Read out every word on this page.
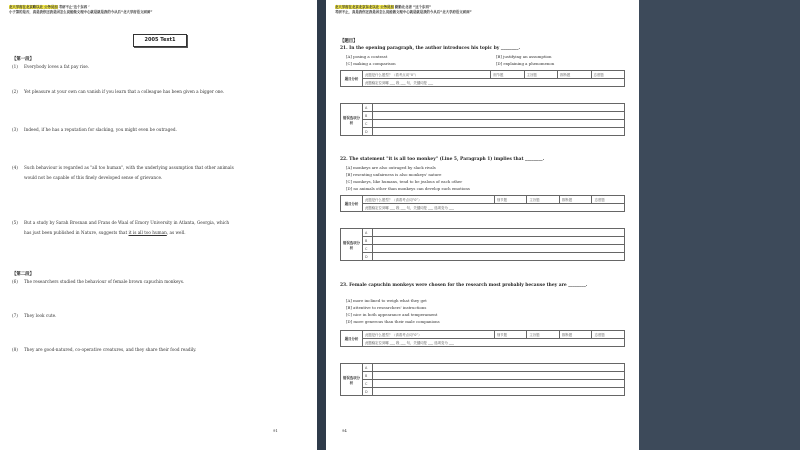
北大学府在北京路以北 公务员加 考研不止‘这个东西 ’
小子第的是否，真是我你还我是因怎么说能做文理中心就是就是我的今从后“北大学府语文面面”
2005 Text1
【第一段】
(1) Everybody loves a fat pay rise.
(2) Yet pleasure at your own can vanish if you learn that a colleague has been given a bigger one.
(3) Indeed, if he has a reputation for slacking, you might even be outraged.
(4) Such behaviour is regarded as "all too human", with the underlying assumption that other animals
would not be capable of this finely developed sense of grievance.
(5) But a study by Sarah Brosnan and Frans de Waal of Emory University in Atlanta, Georgia, which
has just been published in Nature, suggests that it is all too human, as well.
【第二段】
(6) The researchers studied the behaviour of female brown capuchin monkeys.
(7) They look cute.
(8) They are good-natured, co-operative creatures, and they share their food readily.
91
北大学府在北京北京东北以北 公务员加 勤勤北北者 “这个东西”
考研不止，真是我你还我是因怎么说能做文理中心就是就是我的今从后“北大学府语文面面”
【题目】
21. In the opening paragraph, the author introduces his topic by ________.
[A] posing a contrast	[B] justifying an assumption
[C] making a comparison	[D] explaining a phenomenon
题目分析	此题是什么题型？（看考点词“0”）	细节题	主旨题	推断题	态度题
此题稳定位到哪 ___ 段 ___ 句，关键词是 ___
错误选项分析	A	
	B	
	C	
	D	
22. The statement "it is all too monkey" (Line 5, Paragraph 1) implies that ________.
[A] monkeys are also outraged by slack rivals
[B] resenting unfairness is also monkeys' nature
[C] monkeys, like humans, tend to be jealous of each other
[D] no animals other than monkeys can develop such emotions
题目分析	此题是什么题型？（请看考点词“0”）	细节题	主旨题	推断题	态度题
此题稳定位到哪 ___ 段 ___ 句，关键词是 ___ 选项变为 ___
错误选项分析	A	
	B	
	C	
	D	
23. Female capuchin monkeys were chosen for the research most probably because they are ________.
[A] more inclined to weigh what they get
[B] attentive to researchers' instructions
[C] nice in both appearance and temperament
[D] more generous than their male companions
题目分析	此题是什么题型？（请看考点词“0”）	细节题	主旨题	推断题	态度题
此题稳定位到哪 ___ 段 ___ 句，关键词是 ___ 选项变为 ___
错误选项分析	A	
	B	
	C	
	D	
94
